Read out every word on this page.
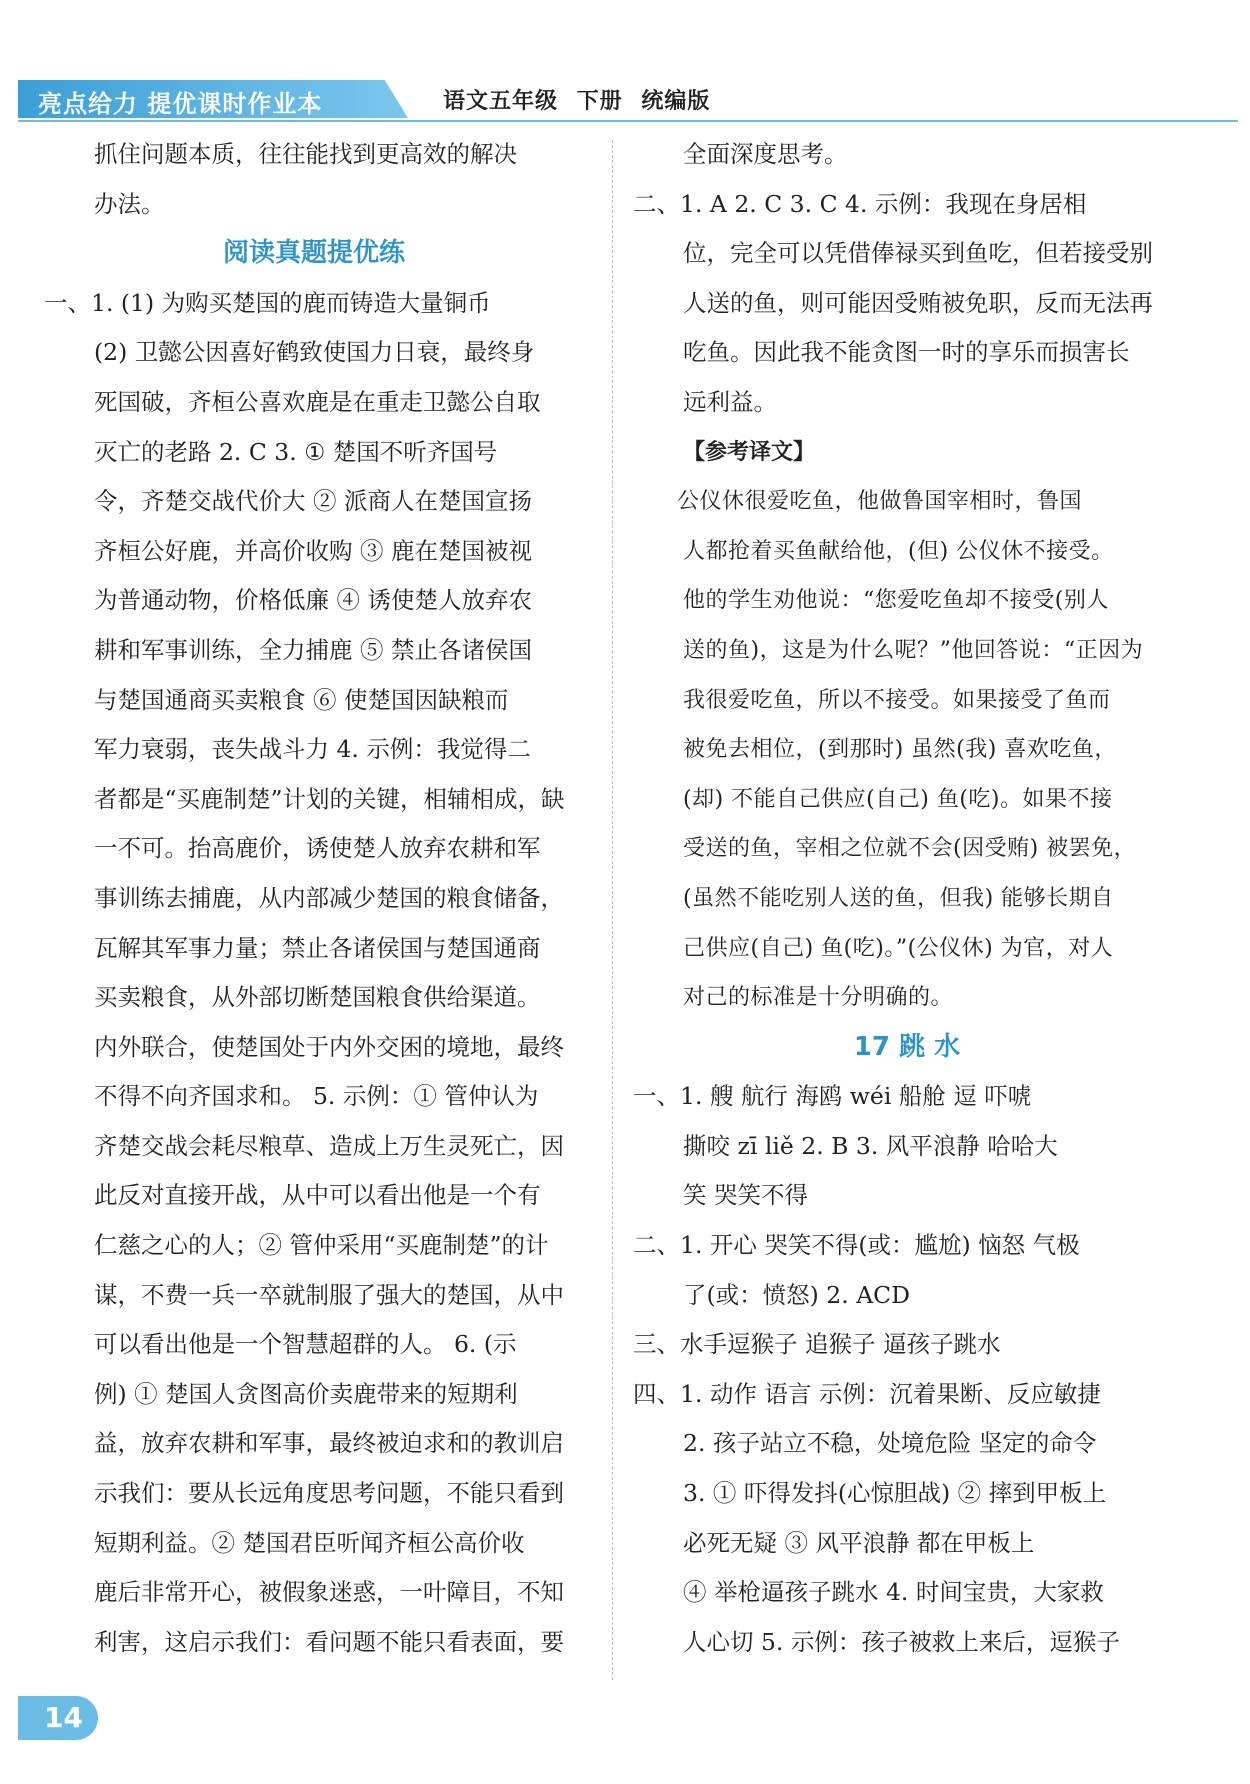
亮点给力 提优课时作业本	语文五年级 下册 统编版

抓住问题本质，往往能找到更高效的解决

办法。

阅读真题提优练

一、1. (1) 为购买楚国的鹿而铸造大量铜币

(2) 卫懿公因喜好鹤致使国力日衰，最终身

死国破，齐桓公喜欢鹿是在重走卫懿公自取

灭亡的老路 2. C 3. ① 楚国不听齐国号

令，齐楚交战代价大 ② 派商人在楚国宣扬

齐桓公好鹿，并高价收购 ③ 鹿在楚国被视

为普通动物，价格低廉 ④ 诱使楚人放弃农

耕和军事训练，全力捕鹿 ⑤ 禁止各诸侯国

与楚国通商买卖粮食 ⑥ 使楚国因缺粮而

军力衰弱，丧失战斗力 4. 示例：我觉得二

者都是“买鹿制楚”计划的关键，相辅相成，缺

一不可。抬高鹿价，诱使楚人放弃农耕和军

事训练去捕鹿，从内部减少楚国的粮食储备，

瓦解其军事力量；禁止各诸侯国与楚国通商

买卖粮食，从外部切断楚国粮食供给渠道。

内外联合，使楚国处于内外交困的境地，最终

不得不向齐国求和。 5. 示例：① 管仲认为

齐楚交战会耗尽粮草、造成上万生灵死亡，因

此反对直接开战，从中可以看出他是一个有

仁慈之心的人；② 管仲采用“买鹿制楚”的计

谋，不费一兵一卒就制服了强大的楚国，从中

可以看出他是一个智慧超群的人。 6. (示

例) ① 楚国人贪图高价卖鹿带来的短期利

益，放弃农耕和军事，最终被迫求和的教训启

示我们：要从长远角度思考问题，不能只看到

短期利益。② 楚国君臣听闻齐桓公高价收

鹿后非常开心，被假象迷惑，一叶障目，不知

利害，这启示我们：看问题不能只看表面，要

全面深度思考。

二、1. A 2. C 3. C 4. 示例：我现在身居相

位，完全可以凭借俸禄买到鱼吃，但若接受别

人送的鱼，则可能因受贿被免职，反而无法再

吃鱼。因此我不能贪图一时的享乐而损害长

远利益。

【参考译文】

公仪休很爱吃鱼，他做鲁国宰相时，鲁国

人都抢着买鱼献给他，(但) 公仪休不接受。

他的学生劝他说：“您爱吃鱼却不接受(别人

送的鱼)，这是为什么呢？”他回答说：“正因为

我很爱吃鱼，所以不接受。如果接受了鱼而

被免去相位，(到那时) 虽然(我) 喜欢吃鱼，

(却) 不能自己供应(自己) 鱼(吃)。如果不接

受送的鱼，宰相之位就不会(因受贿) 被罢免，

(虽然不能吃别人送的鱼，但我) 能够长期自

己供应(自己) 鱼(吃)。”(公仪休) 为官，对人

对己的标准是十分明确的。

17 跳 水

一、1. 艘 航行 海鸥 wéi 船舱 逗 吓唬

撕咬 zī liě 2. B 3. 风平浪静 哈哈大

笑 哭笑不得

二、1. 开心 哭笑不得(或：尴尬) 恼怒 气极

了(或：愤怒) 2. ACD

三、水手逗猴子 追猴子 逼孩子跳水

四、1. 动作 语言 示例：沉着果断、反应敏捷

2. 孩子站立不稳，处境危险 坚定的命令

3. ① 吓得发抖(心惊胆战) ② 摔到甲板上

必死无疑 ③ 风平浪静 都在甲板上

④ 举枪逼孩子跳水 4. 时间宝贵，大家救

人心切 5. 示例：孩子被救上来后，逗猴子

14
